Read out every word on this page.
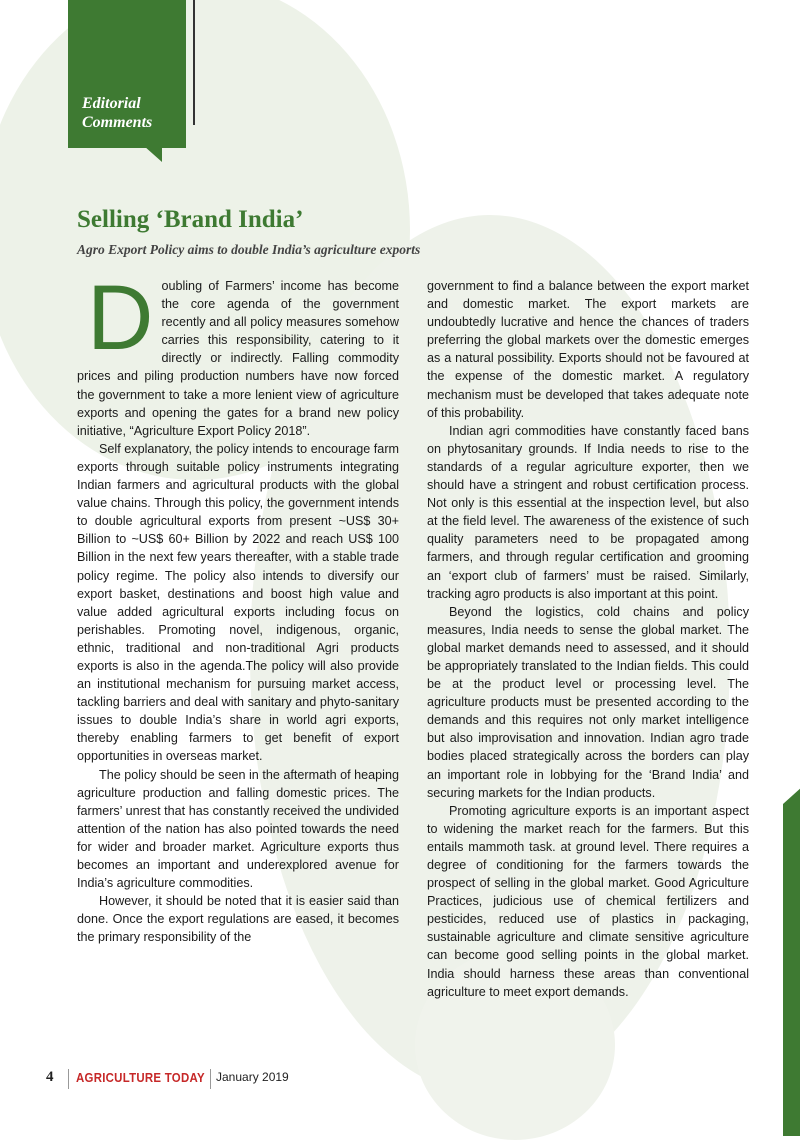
Editorial
Comments
Selling ‘Brand India’
Agro Export Policy aims to double India’s agriculture exports
D oubling of Farmers’ income has become the core agenda of the government recently and all policy measures somehow carries this responsibility, catering to it directly or indirectly. Falling commodity prices and piling production numbers have now forced the government to take a more lenient view of agriculture exports and opening the gates for a brand new policy initiative, “Agriculture Export Policy 2018”.

Self explanatory, the policy intends to encourage farm exports through suitable policy instruments integrating Indian farmers and agricultural products with the global value chains. Through this policy, the government intends to double agricultural exports from present ~US$ 30+ Billion to ~US$ 60+ Billion by 2022 and reach US$ 100 Billion in the next few years thereafter, with a stable trade policy regime. The policy also intends to diversify our export basket, destinations and boost high value and value added agricultural exports including focus on perishables. Promoting novel, indigenous, organic, ethnic, traditional and non-traditional Agri products exports is also in the agenda.The policy will also provide an institutional mechanism for pursuing market access, tackling barriers and deal with sanitary and phyto-sanitary issues to double India’s share in world agri exports, thereby enabling farmers to get benefit of export opportunities in overseas market.

The policy should be seen in the aftermath of heaping agriculture production and falling domestic prices. The farmers’ unrest that has constantly received the undivided attention of the nation has also pointed towards the need for wider and broader market. Agriculture exports thus becomes an important and underexplored avenue for India’s agriculture commodities.

However, it should be noted that it is easier said than done. Once the export regulations are eased, it becomes the primary responsibility of the

government to find a balance between the export market and domestic market. The export markets are undoubtedly lucrative and hence the chances of traders preferring the global markets over the domestic emerges as a natural possibility. Exports should not be favoured at the expense of the domestic market. A regulatory mechanism must be developed that takes adequate note of this probability.

Indian agri commodities have constantly faced bans on phytosanitary grounds. If India needs to rise to the standards of a regular agriculture exporter, then we should have a stringent and robust certification process. Not only is this essential at the inspection level, but also at the field level. The awareness of the existence of such quality parameters need to be propagated among farmers, and through regular certification and grooming an ‘export club of farmers’ must be raised. Similarly, tracking agro products is also important at this point.

Beyond the logistics, cold chains and policy measures, India needs to sense the global market. The global market demands need to assessed, and it should be appropriately translated to the Indian fields. This could be at the product level or processing level. The agriculture products must be presented according to the demands and this requires not only market intelligence but also improvisation and innovation. Indian agro trade bodies placed strategically across the borders can play an important role in lobbying for the ‘Brand India’ and securing markets for the Indian products.

Promoting agriculture exports is an important aspect to widening the market reach for the farmers. But this entails mammoth task. at ground level. There requires a degree of conditioning for the farmers towards the prospect of selling in the global market. Good Agriculture Practices, judicious use of chemical fertilizers and pesticides, reduced use of plastics in packaging, sustainable agriculture and climate sensitive agriculture can become good selling points in the global market. India should harness these areas than conventional agriculture to meet export demands.

4 AGRICULTURE TODAY January 2019
